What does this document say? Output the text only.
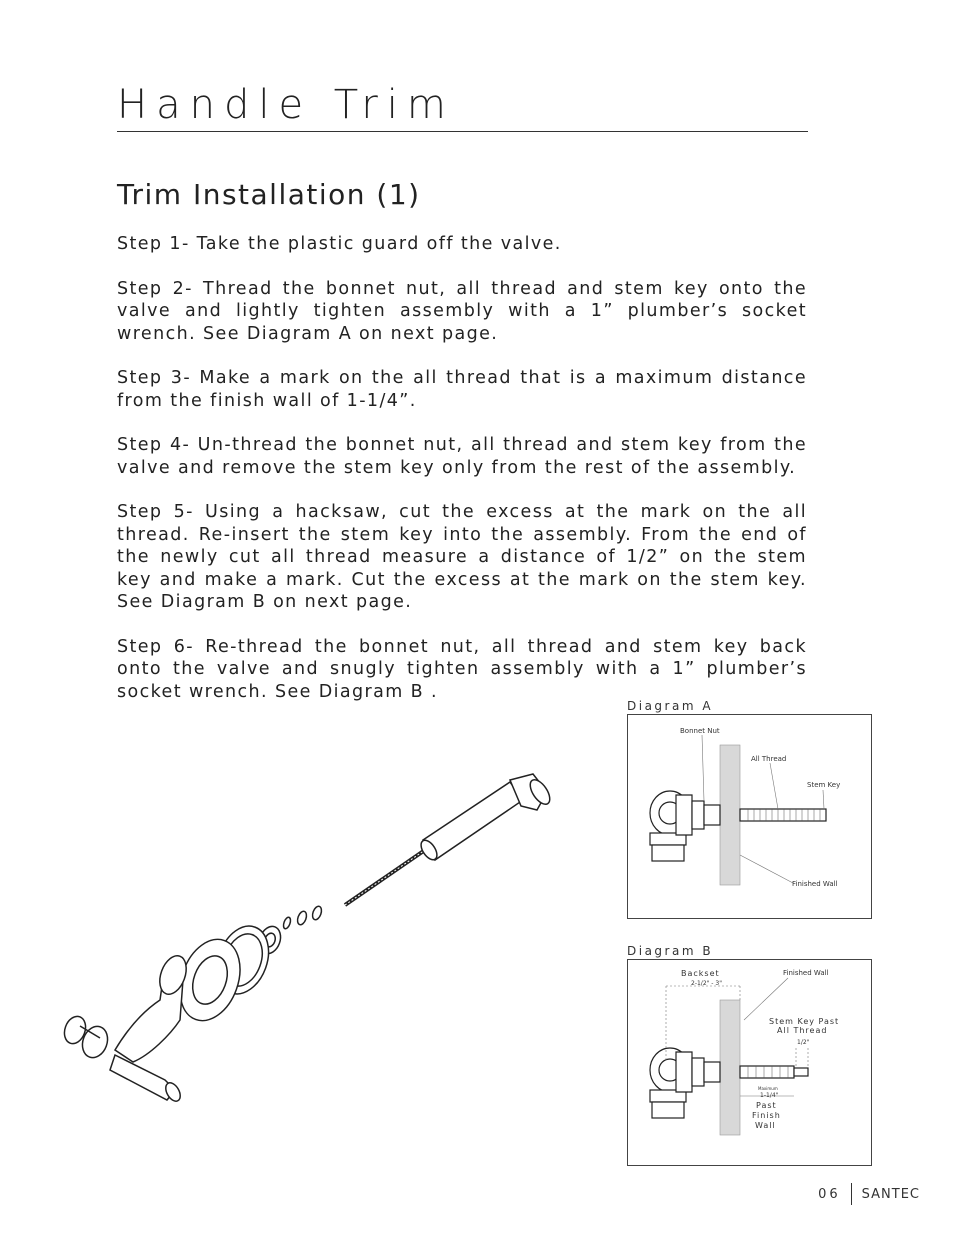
Handle Trim
Trim Installation (1)

Step 1- Take the plastic guard off the valve.

Step 2- Thread the bonnet nut, all thread and stem key onto the valve and lightly tighten assembly with a 1” plumber’s socket wrench. See Diagram A on next page.

Step 3- Make a mark on the all thread that is a maximum distance from the finish wall of 1-1/4”.

Step 4- Un-thread the bonnet nut, all thread and stem key from the valve and remove the stem key only from the rest of the assembly.

Step 5- Using a hacksaw, cut the excess at the mark on the all thread. Re-insert the stem key into the assembly. From the end of the newly cut all thread measure a distance of 1/2” on the stem key and make a mark. Cut the excess at the mark on the stem key. See Diagram B on next page.

Step 6- Re-thread the bonnet nut, all thread and stem key back onto the valve and snugly tighten assembly with a 1” plumber’s socket wrench. See Diagram B .

Diagram A
Bonnet Nut
All Thread
Stem Key
Finished Wall
Diagram B
Backset
2-1/2" - 3"
Finished Wall
Stem Key Past
All Thread
1/2"
Maximum
1-1/4"
Past
Finish
Wall
06 SANTEC
